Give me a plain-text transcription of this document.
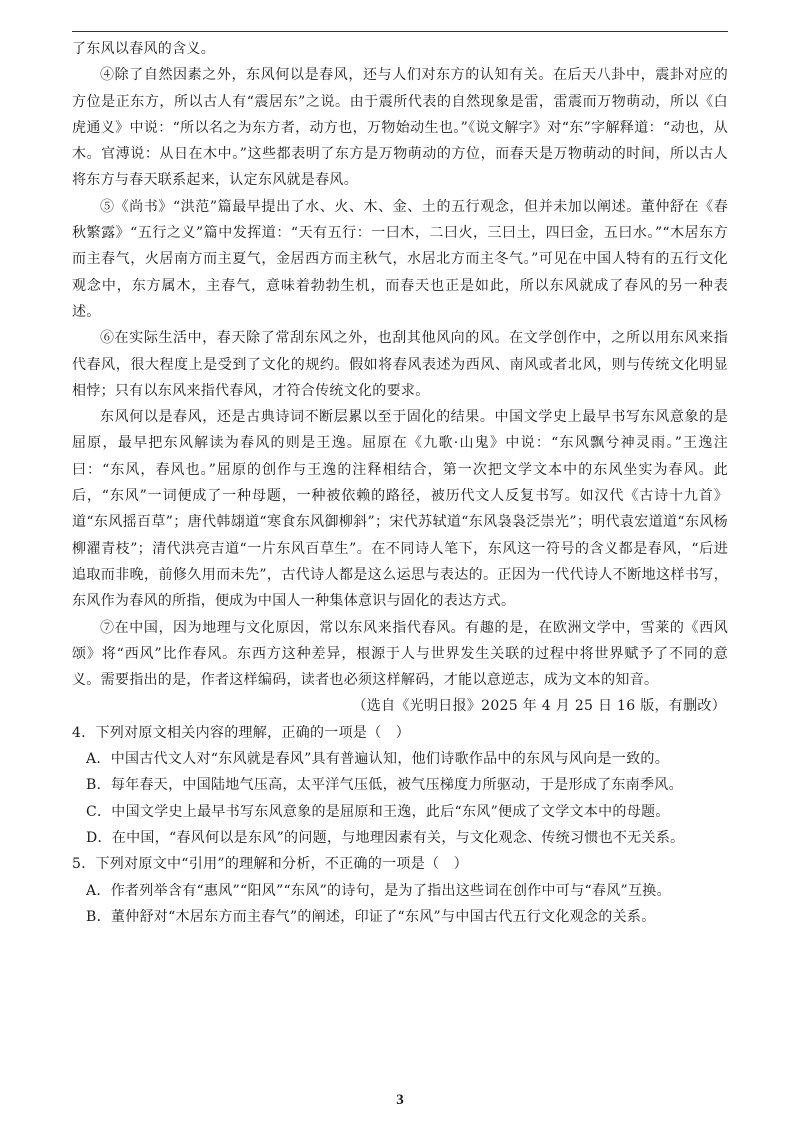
了东风以春风的含义。

④除了自然因素之外，东风何以是春风，还与人们对东方的认知有关。在后天八卦中，震卦对应的方位是正东方，所以古人有“震居东”之说。由于震所代表的自然现象是雷，雷震而万物萌动，所以《白虎通义》中说：“所以名之为东方者，动方也，万物始动生也。”《说文解字》对“东”字解释道：“动也，从木。官溥说：从日在木中。”这些都表明了东方是万物萌动的方位，而春天是万物萌动的时间，所以古人将东方与春天联系起来，认定东风就是春风。

⑤《尚书》“洪范”篇最早提出了水、火、木、金、土的五行观念，但并未加以阐述。董仲舒在《春秋繁露》“五行之义”篇中发挥道：“天有五行：一曰木，二曰火，三曰土，四曰金，五曰水。”“木居东方而主春气，火居南方而主夏气，金居西方而主秋气，水居北方而主冬气。”可见在中国人特有的五行文化观念中，东方属木，主春气，意味着勃勃生机，而春天也正是如此，所以东风就成了春风的另一种表述。

⑥在实际生活中，春天除了常刮东风之外，也刮其他风向的风。在文学创作中，之所以用东风来指代春风，很大程度上是受到了文化的规约。假如将春风表述为西风、南风或者北风，则与传统文化明显相悖；只有以东风来指代春风，才符合传统文化的要求。

东风何以是春风，还是古典诗词不断层累以至于固化的结果。中国文学史上最早书写东风意象的是屈原，最早把东风解读为春风的则是王逸。屈原在《九歌·山鬼》中说：“东风飘兮神灵雨。”王逸注曰：“东风，春风也。”屈原的创作与王逸的注释相结合，第一次把文学文本中的东风坐实为春风。此后，“东风”一词便成了一种母题，一种被依赖的路径，被历代文人反复书写。如汉代《古诗十九首》道“东风摇百草”；唐代韩翃道“寒食东风御柳斜”；宋代苏轼道“东风袅袅泛崇光”；明代袁宏道道“东风杨柳濯青枝”；清代洪亮吉道“一片东风百草生”。在不同诗人笔下，东风这一符号的含义都是春风，“后进追取而非晚，前修久用而未先”，古代诗人都是这么运思与表达的。正因为一代代诗人不断地这样书写，东风作为春风的所指，便成为中国人一种集体意识与固化的表达方式。

⑦在中国，因为地理与文化原因，常以东风来指代春风。有趣的是，在欧洲文学中，雪莱的《西风颂》将“西风”比作春风。东西方这种差异，根源于人与世界发生关联的过程中将世界赋予了不同的意义。需要指出的是，作者这样编码，读者也必须这样解码，才能以意逆志，成为文本的知音。

（选自《光明日报》2025 年 4 月 25 日 16 版，有删改）

4．下列对原文相关内容的理解，正确的一项是（　）

A．中国古代文人对“东风就是春风”具有普遍认知，他们诗歌作品中的东风与风向是一致的。

B．每年春天，中国陆地气压高，太平洋气压低，被气压梯度力所驱动，于是形成了东南季风。

C．中国文学史上最早书写东风意象的是屈原和王逸，此后“东风”便成了文学文本中的母题。

D．在中国，“春风何以是东风”的问题，与地理因素有关，与文化观念、传统习惯也不无关系。

5．下列对原文中“引用”的理解和分析，不正确的一项是（　）

A．作者列举含有“惠风”“阳风”“东风”的诗句，是为了指出这些词在创作中可与“春风”互换。

B．董仲舒对“木居东方而主春气”的阐述，印证了“东风”与中国古代五行文化观念的关系。

3
